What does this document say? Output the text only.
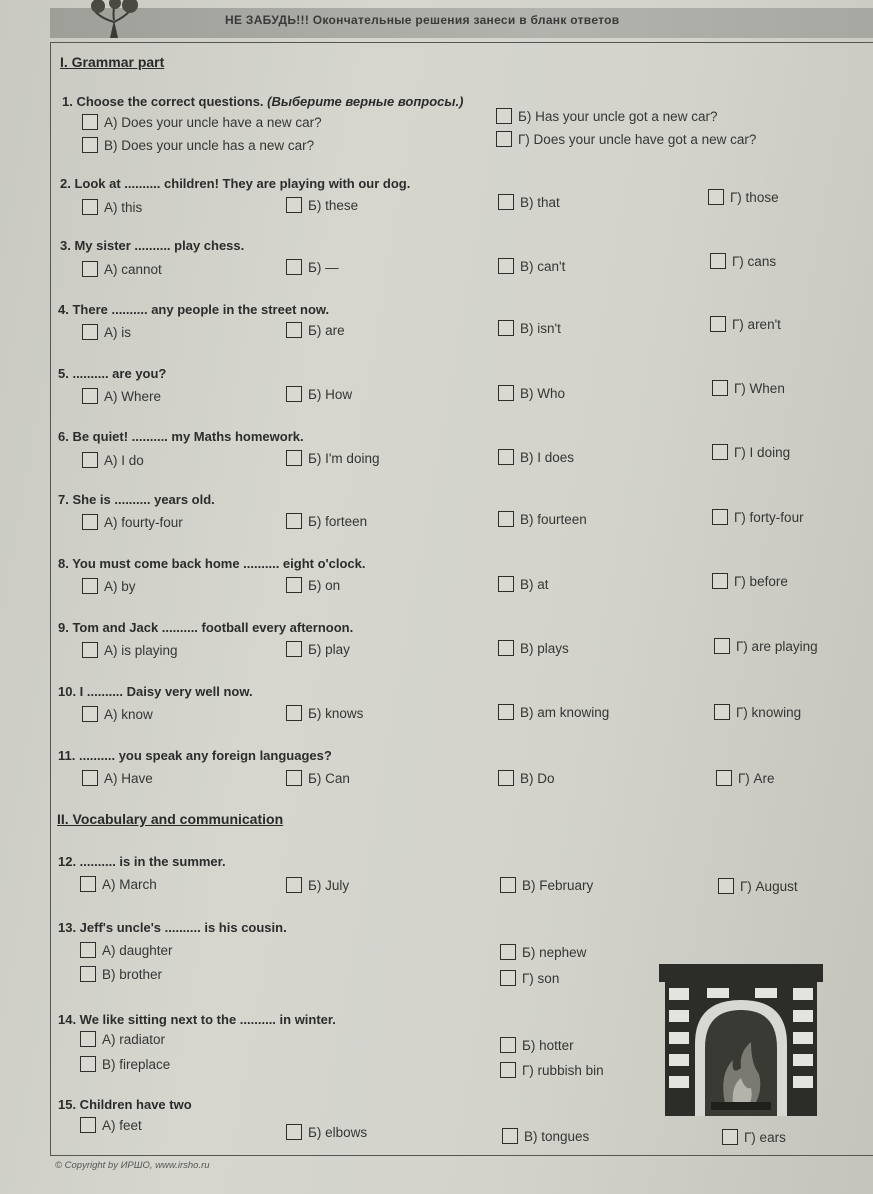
НЕ ЗАБУДЬ!!! Окончательные решения занеси в бланк ответов
I. Grammar part
II. Vocabulary and communication
1. Choose the correct questions. (Выберите верные вопросы.)
A) Does your uncle have a new car?	Б) Has your uncle got a new car?
B) Does your uncle has a new car?	Г) Does your uncle have got a new car?
2. Look at .......... children! They are playing with our dog.
A) this	Б) these	B) that	Г) those
3. My sister .......... play chess.
A) cannot	Б) —	B) can't	Г) cans
4. There .......... any people in the street now.
A) is	Б) are	B) isn't	Г) aren't
5. .......... are you?
A) Where	Б) How	B) Who	Г) When
6. Be quiet! .......... my Maths homework.
A) I do	Б) I'm doing	B) I does	Г) I doing
7. She is .......... years old.
A) fourty-four	Б) forteen	B) fourteen	Г) forty-four
8. You must come back home .......... eight o'clock.
A) by	Б) on	B) at	Г) before
9. Tom and Jack .......... football every afternoon.
A) is playing	Б) play	B) plays	Г) are playing
10. I .......... Daisy very well now.
A) know	Б) knows	B) am knowing	Г) knowing
11. .......... you speak any foreign languages?
A) Have	Б) Can	B) Do	Г) Are
12. .......... is in the summer.
A) March	Б) July	B) February	Г) August
13. Jeff's uncle's .......... is his cousin.
A) daughter	Б) nephew
B) brother	Г) son
14. We like sitting next to the .......... in winter.
A) radiator	Б) hotter
B) fireplace	Г) rubbish bin
15. Children have two
A) feet	Б) elbows	B) tongues	Г) ears
© Copyright by ИРШО, www.irsho.ru
